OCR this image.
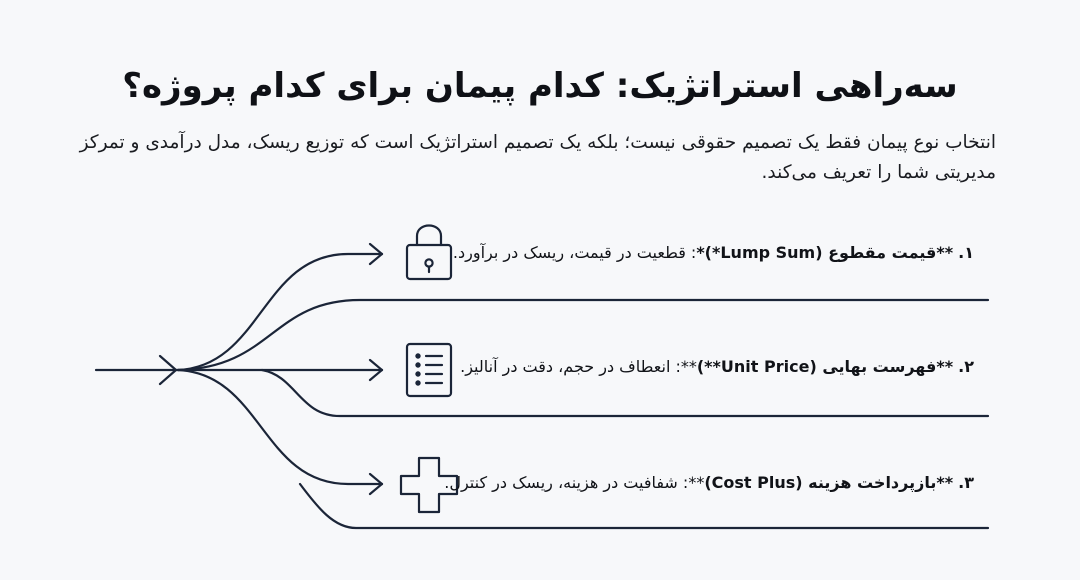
سه‌راهی استراتژیک: کدام پیمان برای کدام پروژه؟
انتخاب نوع پیمان فقط یک تصمیم حقوقی نیست؛ بلکه یک تصمیم استراتژیک است که توزیع ریسک، مدل درآمدی و تمرکز مدیریتی شما را تعریف می‌کند.
۱. **قیمت مقطوع (Lump Sum*)*: قطعیت در قیمت، ریسک در برآورد.
۲. **فهرست بهایی (Unit Price**)**: انعطاف در حجم، دقت در آنالیز.
۳. **بازپرداخت هزینه (Cost Plus)**: شفافیت در هزینه، ریسک در کنترل.
